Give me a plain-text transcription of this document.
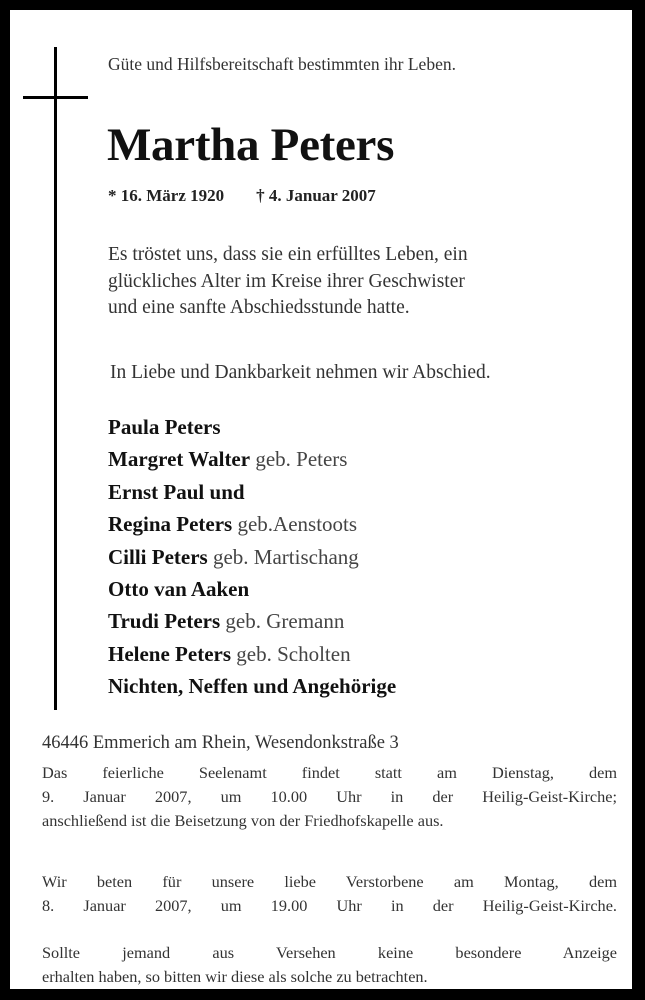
Güte und Hilfsbereitschaft bestimmten ihr Leben.
Martha Peters
* 16. März 1920 † 4. Januar 2007
Es tröstet uns, dass sie ein erfülltes Leben, ein
glückliches Alter im Kreise ihrer Geschwister
und eine sanfte Abschiedsstunde hatte.
In Liebe und Dankbarkeit nehmen wir Abschied.
Paula Peters
Margret Walter geb. Peters
Ernst Paul und
Regina Peters geb.Aenstoots
Cilli Peters geb. Martischang
Otto van Aaken
Trudi Peters geb. Gremann
Helene Peters geb. Scholten
Nichten, Neffen und Angehörige
46446 Emmerich am Rhein, Wesendonkstraße 3
Das feierliche Seelenamt findet statt am Dienstag, dem
9. Januar 2007, um 10.00 Uhr in der Heilig-Geist-Kirche;
anschließend ist die Beisetzung von der Friedhofskapelle aus.
Wir beten für unsere liebe Verstorbene am Montag, dem
8. Januar 2007, um 19.00 Uhr in der Heilig-Geist-Kirche.
Sollte jemand aus Versehen keine besondere Anzeige
erhalten haben, so bitten wir diese als solche zu betrachten.
